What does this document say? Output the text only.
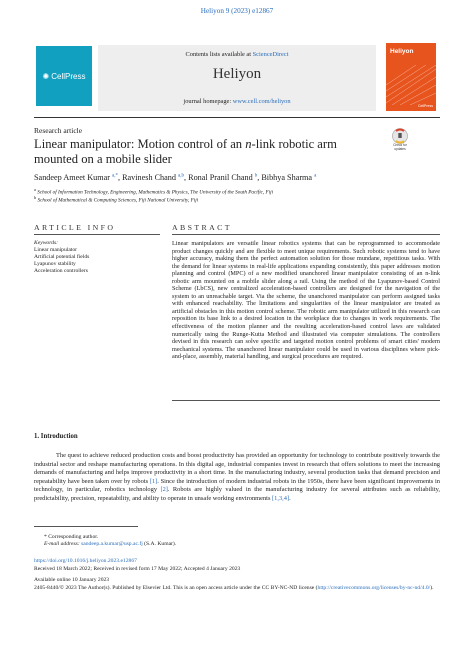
Heliyon 9 (2023) e12867
✺ CellPress
Contents lists available at ScienceDirect
Heliyon
journal homepage: www.cell.com/heliyon
Heliyon
CellPress
Research article
Linear manipulator: Motion control of an n-link robotic arm mounted on a mobile slider
Check for
updates
Sandeep Ameet Kumar $^{a,*}$, Ravinesh Chand $^{a,b}$, Ronal Pranil Chand $^b$, Bibhya Sharma $^a$
$^a$ School of Information Technology, Engineering, Mathematics & Physics, The University of the South Pacific, Fiji
$^b$ School of Mathematical & Computing Sciences, Fiji National University, Fiji
ARTICLE INFO	ABSTRACT
Keywords:
Linear manipulator
Artificial potential fields
Lyapunov stability
Acceleration controllers
Linear manipulators are versatile linear robotics systems that can be reprogrammed to accommodate product changes quickly and are flexible to meet unique requirements. Such robotic systems tend to have higher accuracy, making them the perfect automation solution for those mundane, repetitious tasks. With the demand for linear systems in real-life applications expanding consistently, this paper addresses motion planning and control (MPC) of a new modified unanchored linear manipulator consisting of an n-link robotic arm mounted on a mobile slider along a rail. Using the method of the Lyapunov-based Control Scheme (LbCS), new centralized acceleration-based controllers are designed for the navigation of the system to an unreachable target. Via the scheme, the unanchored manipulator can perform assigned tasks with enhanced reachability. The limitations and singularities of the linear manipulator are treated as artificial obstacles in this motion control scheme. The robotic arm manipulator utilized in this research can reposition its base link to a desired location in the workplace due to changes in work requirements. The effectiveness of the motion planner and the resulting acceleration-based control laws are validated numerically using the Runge-Kutta Method and illustrated via computer simulations. The controllers devised in this research can solve specific and targeted motion control problems of smart cities' modern mechanical systems. The unanchored linear manipulator could be used in various disciplines where pick-and-place, assembly, material handling, and surgical procedures are required.
1. Introduction
The quest to achieve reduced production costs and boost productivity has provided an opportunity for technology to contribute positively towards the industrial sector and reshape manufacturing operations. In this digital age, industrial companies invest in research that offers solutions to meet the increasing demands of manufacturing and helps improve productivity in a short time. In the manufacturing industry, several production tasks that demand precision and repeatability have been taken over by robots [1]. Since the introduction of modern industrial robots in the 1950s, there have been significant improvements in technology, in particular, robotics technology [2]. Robots are highly valued in the manufacturing industry for several attributes such as reliability, predictability, precision, repeatability, and ability to operate in unsafe working environments [1,3,4].
* Corresponding author.
E-mail address: sandeep.a.kumar@usp.ac.fj (S.A. Kumar).
https://doi.org/10.1016/j.heliyon.2023.e12867
Received 18 March 2022; Received in revised form 17 May 2022; Accepted 4 January 2023
Available online 10 January 2023
2405-8440/© 2023 The Author(s). Published by Elsevier Ltd. This is an open access article under the CC BY-NC-ND license (http://creativecommons.org/licenses/by-nc-nd/4.0/).
